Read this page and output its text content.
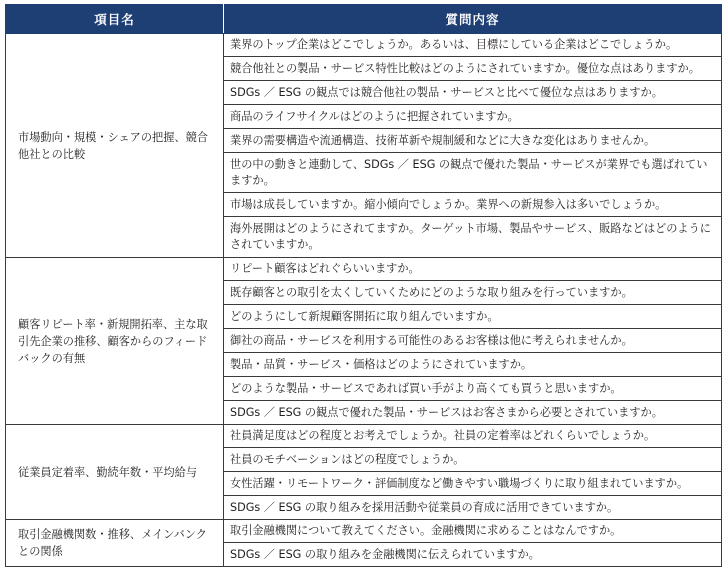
項目名	質問内容
市場動向・規模・シェアの把握、競合他社との比較	業界のトップ企業はどこでしょうか。あるいは、目標にしている企業はどこでしょうか。
	競合他社との製品・サービス特性比較はどのようにされていますか。優位な点はありますか。
	SDGs ／ ESG の観点では競合他社の製品・サービスと比べて優位な点はありますか。
	商品のライフサイクルはどのように把握されていますか。
	業界の需要構造や流通構造、技術革新や規制緩和などに大きな変化はありませんか。
	世の中の動きと連動して、SDGs ／ ESG の観点で優れた製品・サービスが業界でも選ばれていますか。
	市場は成長していますか。縮小傾向でしょうか。業界への新規参入は多いでしょうか。
	海外展開はどのようにされてますか。ターゲット市場、製品やサービス、販路などはどのようにされていますか。
顧客リピート率・新規開拓率、主な取引先企業の推移、顧客からのフィードバックの有無	リピート顧客はどれぐらいいますか。
	既存顧客との取引を太くしていくためにどのような取り組みを行っていますか。
	どのようにして新規顧客開拓に取り組んでいますか。
	御社の商品・サービスを利用する可能性のあるお客様は他に考えられませんか。
	製品・品質・サービス・価格はどのようにされていますか。
	どのような製品・サービスであれば買い手がより高くても買うと思いますか。
	SDGs ／ ESG の観点で優れた製品・サービスはお客さまから必要とされていますか。
従業員定着率、勤続年数・平均給与	社員満足度はどの程度とお考えでしょうか。社員の定着率はどれくらいでしょうか。
	社員のモチベーションはどの程度でしょうか。
	女性活躍・リモートワーク・評価制度など働きやすい職場づくりに取り組まれていますか。
	SDGs ／ ESG の取り組みを採用活動や従業員の育成に活用できていますか。
取引金融機関数・推移、メインバンクとの関係	取引金融機関について教えてください。金融機関に求めることはなんですか。
	SDGs ／ ESG の取り組みを金融機関に伝えられていますか。
